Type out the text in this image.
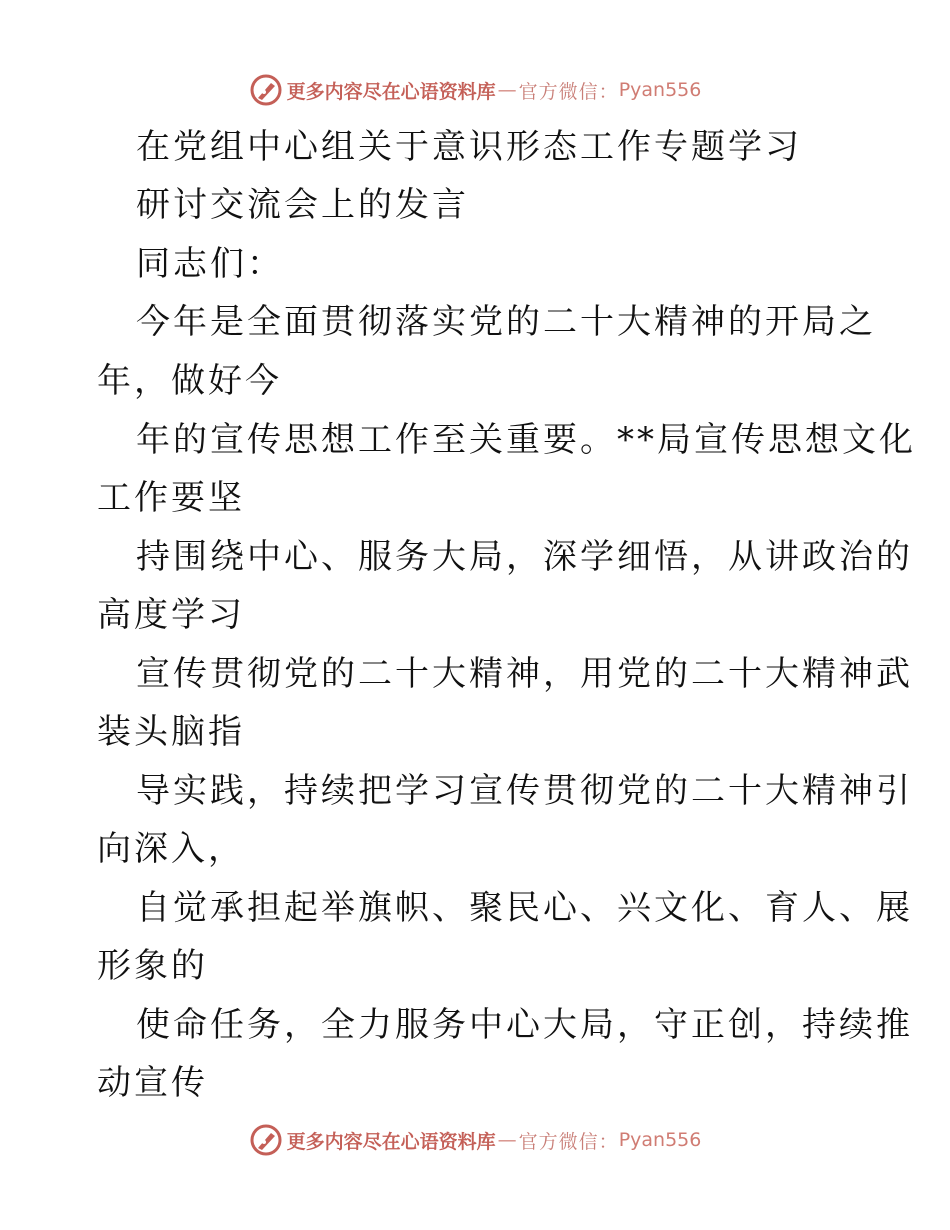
更多内容尽在心语资料库 — 官方微信： Pyan556
在党组中心组关于意识形态工作专题学习
研讨交流会上的发言
同志们：
今年是全面贯彻落实党的二十大精神的开局之
年，做好今
年的宣传思想工作至关重要。**局宣传思想文化
工作要坚
持围绕中心、服务大局，深学细悟，从讲政治的
高度学习
宣传贯彻党的二十大精神，用党的二十大精神武
装头脑指
导实践，持续把学习宣传贯彻党的二十大精神引
向深入，
自觉承担起举旗帜、聚民心、兴文化、育人、展
形象的
使命任务，全力服务中心大局，守正创，持续推
动宣传
更多内容尽在心语资料库 — 官方微信： Pyan556
